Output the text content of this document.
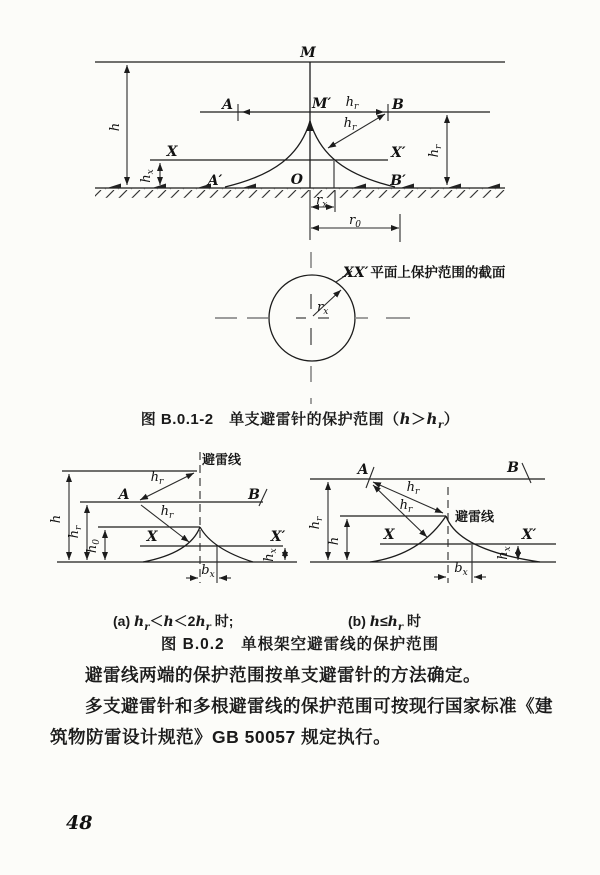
M
M′
A	B
$h_r$
$h_r$
X	X′
A′	B′
O
h
$h_x$
$h_r$
$r_x$
$r_0$
$r_x$
XX′ 平面上保护范围的截面
避雷线
A	B
$h_r$
$h_r$
h
$h_r$
$h_0$
$h_x$
X	X′
$b_x$
A	B
避雷线
$h_r$
$h_r$
$h_r$
h
$h_x$
X	X′
$b_x$
图 B.0.1-2　单支避雷针的保护范围$(h>h_r)$
(a) $h_r<h<2h_r$ 时;	(b) $h\le h_r$ 时
图 B.0.2　单根架空避雷线的保护范围
避雷线两端的保护范围按单支避雷针的方法确定。
多支避雷针和多根避雷线的保护范围可按现行国家标准《建
筑物防雷设计规范》GB 50057 规定执行。
48
